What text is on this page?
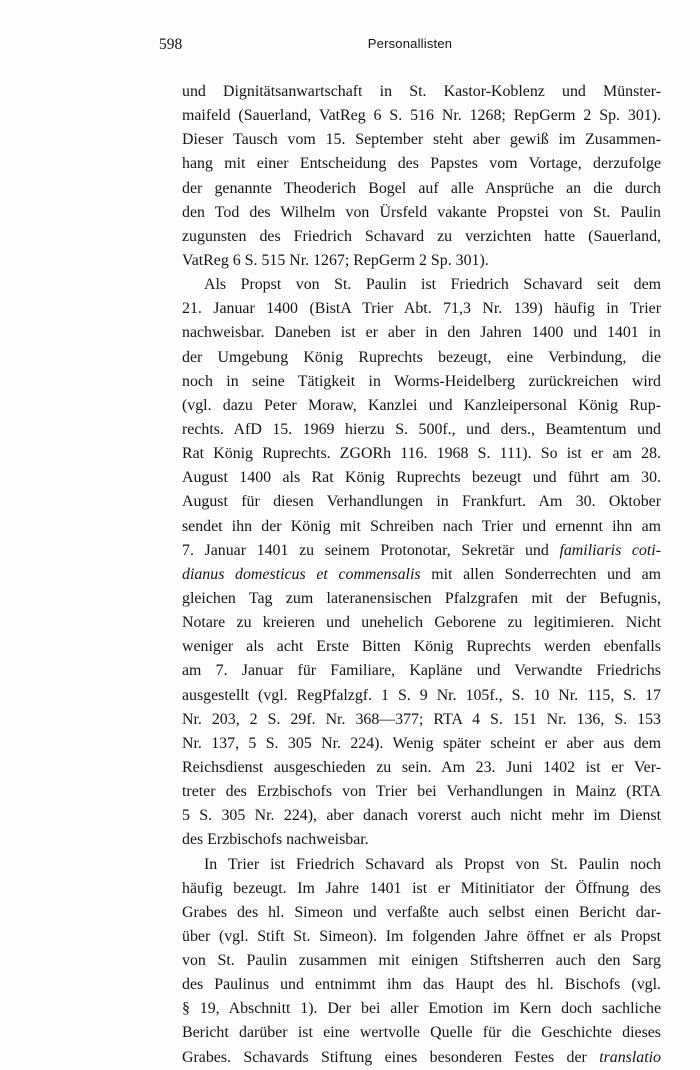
598	Personallisten
und Dignitätsanwartschaft in St. Kastor-Koblenz und Münster-
maifeld (Sauerland, VatReg 6 S. 516 Nr. 1268; RepGerm 2 Sp. 301).
Dieser Tausch vom 15. September steht aber gewiß im Zusammen-
hang mit einer Entscheidung des Papstes vom Vortage, derzufolge
der genannte Theoderich Bogel auf alle Ansprüche an die durch
den Tod des Wilhelm von Ürsfeld vakante Propstei von St. Paulin
zugunsten des Friedrich Schavard zu verzichten hatte (Sauerland,
VatReg 6 S. 515 Nr. 1267; RepGerm 2 Sp. 301).
Als Propst von St. Paulin ist Friedrich Schavard seit dem
21. Januar 1400 (BistA Trier Abt. 71,3 Nr. 139) häufig in Trier
nachweisbar. Daneben ist er aber in den Jahren 1400 und 1401 in
der Umgebung König Ruprechts bezeugt, eine Verbindung, die
noch in seine Tätigkeit in Worms-Heidelberg zurückreichen wird
(vgl. dazu Peter Moraw, Kanzlei und Kanzleipersonal König Rup-
rechts. AfD 15. 1969 hierzu S. 500f., und ders., Beamtentum und
Rat König Ruprechts. ZGORh 116. 1968 S. 111). So ist er am 28.
August 1400 als Rat König Ruprechts bezeugt und führt am 30.
August für diesen Verhandlungen in Frankfurt. Am 30. Oktober
sendet ihn der König mit Schreiben nach Trier und ernennt ihn am
7. Januar 1401 zu seinem Protonotar, Sekretär und familiaris coti-
dianus domesticus et commensalis mit allen Sonderrechten und am
gleichen Tag zum lateranensischen Pfalzgrafen mit der Befugnis,
Notare zu kreieren und unehelich Geborene zu legitimieren. Nicht
weniger als acht Erste Bitten König Ruprechts werden ebenfalls
am 7. Januar für Familiare, Kapläne und Verwandte Friedrichs
ausgestellt (vgl. RegPfalzgf. 1 S. 9 Nr. 105f., S. 10 Nr. 115, S. 17
Nr. 203, 2 S. 29f. Nr. 368—377; RTA 4 S. 151 Nr. 136, S. 153
Nr. 137, 5 S. 305 Nr. 224). Wenig später scheint er aber aus dem
Reichsdienst ausgeschieden zu sein. Am 23. Juni 1402 ist er Ver-
treter des Erzbischofs von Trier bei Verhandlungen in Mainz (RTA
5 S. 305 Nr. 224), aber danach vorerst auch nicht mehr im Dienst
des Erzbischofs nachweisbar.
In Trier ist Friedrich Schavard als Propst von St. Paulin noch
häufig bezeugt. Im Jahre 1401 ist er Mitinitiator der Öffnung des
Grabes des hl. Simeon und verfaßte auch selbst einen Bericht dar-
über (vgl. Stift St. Simeon). Im folgenden Jahre öffnet er als Propst
von St. Paulin zusammen mit einigen Stiftsherren auch den Sarg
des Paulinus und entnimmt ihm das Haupt des hl. Bischofs (vgl.
§ 19, Abschnitt 1). Der bei aller Emotion im Kern doch sachliche
Bericht darüber ist eine wertvolle Quelle für die Geschichte dieses
Grabes. Schavards Stiftung eines besonderen Festes der translatio
